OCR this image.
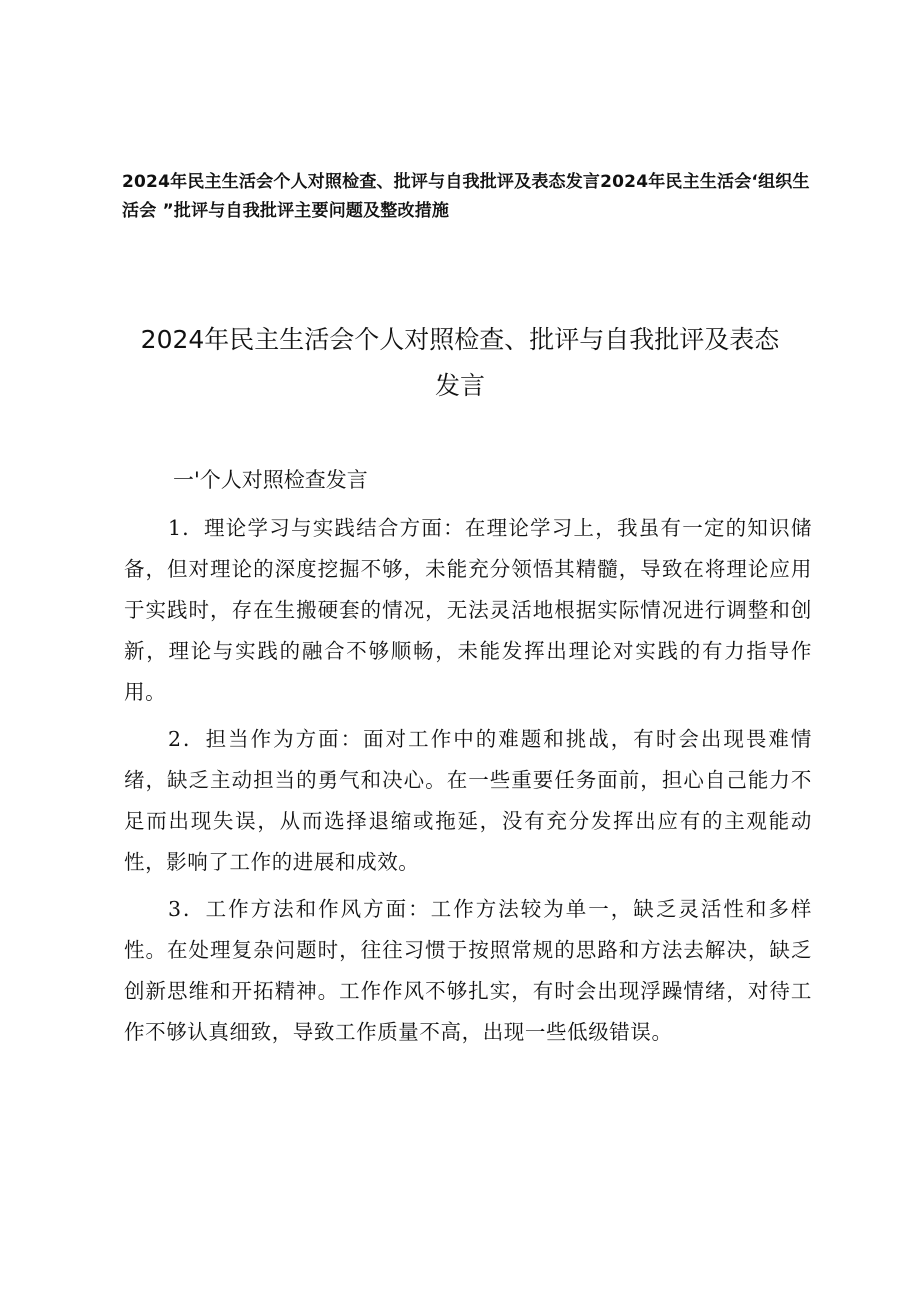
2024年民主生活会个人对照检查、批评与自我批评及表态发言2024年民主生活会‘组织生活会 ”批评与自我批评主要问题及整改措施

2024年民主生活会个人对照检查、批评与自我批评及表态发言
一'个人对照检查发言

1．理论学习与实践结合方面：在理论学习上，我虽有一定的知识储备，但对理论的深度挖掘不够，未能充分领悟其精髓，导致在将理论应用于实践时，存在生搬硬套的情况，无法灵活地根据实际情况进行调整和创新，理论与实践的融合不够顺畅，未能发挥出理论对实践的有力指导作用。

2．担当作为方面：面对工作中的难题和挑战，有时会出现畏难情绪，缺乏主动担当的勇气和决心。在一些重要任务面前，担心自己能力不足而出现失误，从而选择退缩或拖延，没有充分发挥出应有的主观能动性，影响了工作的进展和成效。

3．工作方法和作风方面：工作方法较为单一，缺乏灵活性和多样性。在处理复杂问题时，往往习惯于按照常规的思路和方法去解决，缺乏创新思维和开拓精神。工作作风不够扎实，有时会出现浮躁情绪，对待工作不够认真细致，导致工作质量不高，出现一些低级错误。
